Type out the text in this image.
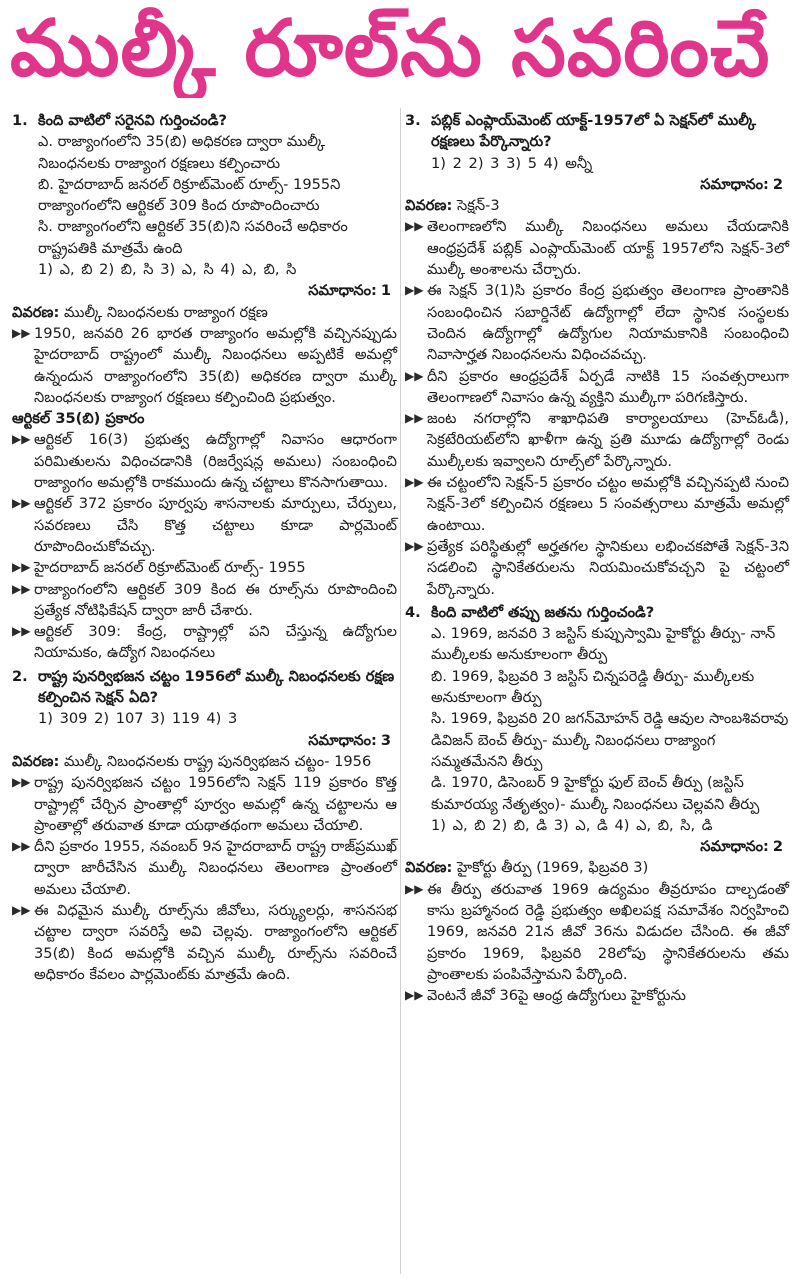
ముల్కీ రూల్‌ను సవరించే
1. కింది వాటిలో సరైనవి గుర్తించండి?
ఎ. రాజ్యాంగంలోని 35(బి) అధికరణ ద్వారా ముల్కీ నిబంధనలకు రాజ్యాంగ రక్షణలు కల్పించారు
బి. హైదరాబాద్ జనరల్ రిక్రూట్‌మెంట్ రూల్స్- 1955ని రాజ్యాంగంలోని ఆర్టికల్ 309 కింద రూపొందించారు
సి. రాజ్యాంగంలోని ఆర్టికల్ 35(బి)ని సవరించే అధికారం రాష్ట్రపతికి మాత్రమే ఉంది
1) ఎ, బి 2) బి, సి 3) ఎ, సి 4) ఎ, బి, సి
సమాధానం: 1
వివరణ: ముల్కీ నిబంధనలకు రాజ్యాంగ రక్షణ
▶▶ 1950, జనవరి 26 భారత రాజ్యాంగం అమల్లోకి వచ్చినప్పుడు హైదరాబాద్ రాష్ట్రంలో ముల్కీ నిబంధనలు అప్పటికే అమల్లో ఉన్నందున రాజ్యాంగంలోని 35(బి) అధికరణ ద్వారా ముల్కీ నిబంధనలకు రాజ్యాంగ రక్షణలు కల్పించింది ప్రభుత్వం.
ఆర్టికల్ 35(బి) ప్రకారం
▶▶ ఆర్టికల్ 16(3) ప్రభుత్వ ఉద్యోగాల్లో నివాసం ఆధారంగా పరిమితులను విధించడానికి (రిజర్వేషన్ల అమలు) సంబంధించి రాజ్యాంగం అమల్లోకి రాకముందు ఉన్న చట్టాలు కొనసాగుతాయి.
▶▶ ఆర్టికల్ 372 ప్రకారం పూర్వపు శాసనాలకు మార్పులు, చేర్పులు, సవరణలు చేసి కొత్త చట్టాలు కూడా పార్లమెంట్ రూపొందించుకోవచ్చు.
▶▶ హైదరాబాద్ జనరల్ రిక్రూట్‌మెంట్ రూల్స్- 1955
▶▶ రాజ్యాంగంలోని ఆర్టికల్ 309 కింద ఈ రూల్స్‌ను రూపొందించి ప్రత్యేక నోటిఫికేషన్ ద్వారా జారీ చేశారు.
▶▶ ఆర్టికల్ 309: కేంద్ర, రాష్ట్రాల్లో పని చేస్తున్న ఉద్యోగుల నియామకం, ఉద్యోగ నిబంధనలు
2. రాష్ట్ర పునర్విభజన చట్టం 1956లో ముల్కీ నిబంధనలకు రక్షణ కల్పించిన సెక్షన్ ఏది?
1) 309 2) 107 3) 119 4) 3
సమాధానం: 3
వివరణ: ముల్కీ నిబంధనలకు రాష్ట్ర పునర్విభజన చట్టం- 1956
▶▶ రాష్ట్ర పునర్విభజన చట్టం 1956లోని సెక్షన్ 119 ప్రకారం కొత్త రాష్ట్రాల్లో చేర్చిన ప్రాంతాల్లో పూర్వం అమల్లో ఉన్న చట్టాలను ఆ ప్రాంతాల్లో తరువాత కూడా యథాతథంగా అమలు చేయాలి.
▶▶ దీని ప్రకారం 1955, నవంబర్ 9న హైదరాబాద్ రాష్ట్ర రాజ్‌ప్రముఖ్ ద్వారా జారీచేసిన ముల్కీ నిబంధనలు తెలంగాణ ప్రాంతంలో అమలు చేయాలి.
▶▶ ఈ విధమైన ముల్కీ రూల్స్‌ను జీవోలు, సర్క్యులర్లు, శాసనసభ చట్టాల ద్వారా సవరిస్తే అవి చెల్లవు. రాజ్యాంగంలోని ఆర్టికల్ 35(బి) కింద అమల్లోకి వచ్చిన ముల్కీ రూల్స్‌ను సవరించే అధికారం కేవలం పార్లమెంట్‌కు మాత్రమే ఉంది.
3. పబ్లిక్ ఎంప్లాయ్‌మెంట్ యాక్ట్-1957లో ఏ సెక్షన్‌లో ముల్కీ రక్షణలు పేర్కొన్నారు?
1) 2 2) 3 3) 5 4) అన్నీ
సమాధానం: 2
వివరణ: సెక్షన్-3
▶▶ తెలంగాణలోని ముల్కీ నిబంధనలు అమలు చేయడానికి ఆంధ్రప్రదేశ్ పబ్లిక్ ఎంప్లాయ్‌మెంట్ యాక్ట్ 1957లోని సెక్షన్-3లో ముల్కీ అంశాలను చేర్చారు.
▶▶ ఈ సెక్షన్ 3(1)సి ప్రకారం కేంద్ర ప్రభుత్వం తెలంగాణ ప్రాంతానికి సంబంధించిన సబార్డినేట్ ఉద్యోగాల్లో లేదా స్థానిక సంస్థలకు చెందిన ఉద్యోగాల్లో ఉద్యోగుల నియామకానికి సంబంధించి నివాసార్హత నిబంధనలను విధించవచ్చు.
▶▶ దీని ప్రకారం ఆంధ్రప్రదేశ్ ఏర్పడే నాటికి 15 సంవత్సరాలుగా తెలంగాణలో నివాసం ఉన్న వ్యక్తిని ముల్కీగా పరిగణిస్తారు.
▶▶ జంట నగరాల్లోని శాఖాధిపతి కార్యాలయాలు (హెచ్ఓడీ), సెక్రటేరియట్‌లోని ఖాళీగా ఉన్న ప్రతి మూడు ఉద్యోగాల్లో రెండు ముల్కీలకు ఇవ్వాలని రూల్స్‌లో పేర్కొన్నారు.
▶▶ ఈ చట్టంలోని సెక్షన్-5 ప్రకారం చట్టం అమల్లోకి వచ్చినప్పటి నుంచి సెక్షన్-3లో కల్పించిన రక్షణలు 5 సంవత్సరాలు మాత్రమే అమల్లో ఉంటాయి.
▶▶ ప్రత్యేక పరిస్థితుల్లో అర్హతగల స్థానికులు లభించకపోతే సెక్షన్-3ని సడలించి స్థానికేతరులను నియమించుకోవచ్చని పై చట్టంలో పేర్కొన్నారు.
4. కింది వాటిలో తప్పు జతను గుర్తించండి?
ఎ. 1969, జనవరి 3 జస్టిస్ కుప్పుస్వామి హైకోర్టు తీర్పు- నాన్ ముల్కీలకు అనుకూలంగా తీర్పు
బి. 1969, ఫిబ్రవరి 3 జస్టిస్ చిన్నపరెడ్డి తీర్పు- ముల్కీలకు అనుకూలంగా తీర్పు
సి. 1969, ఫిబ్రవరి 20 జగన్‌మోహన్ రెడ్డి ఆవుల సాంబశివరావు డివిజన్ బెంచ్ తీర్పు- ముల్కీ నిబంధనలు రాజ్యాంగ సమ్మతమేనని తీర్పు
డి. 1970, డిసెంబర్ 9 హైకోర్టు ఫుల్ బెంచ్ తీర్పు (జస్టిస్ కుమారయ్య నేతృత్వం)- ముల్కీ నిబంధనలు చెల్లవని తీర్పు
1) ఎ, బి 2) బి, డి 3) ఎ, డి 4) ఎ, బి, సి, డి
సమాధానం: 2
వివరణ: హైకోర్టు తీర్పు (1969, ఫిబ్రవరి 3)
▶▶ ఈ తీర్పు తరువాత 1969 ఉద్యమం తీవ్రరూపం దాల్చడంతో కాసు బ్రహ్మానంద రెడ్డి ప్రభుత్వం అఖిలపక్ష సమావేశం నిర్వహించి 1969, జనవరి 21న జీవో 36ను విడుదల చేసింది. ఈ జీవో ప్రకారం 1969, ఫిబ్రవరి 28లోపు స్థానికేతరులను తమ ప్రాంతాలకు పంపివేస్తామని పేర్కొంది.
▶▶ వెంటనే జీవో 36పై ఆంధ్ర ఉద్యోగులు హైకోర్టును
